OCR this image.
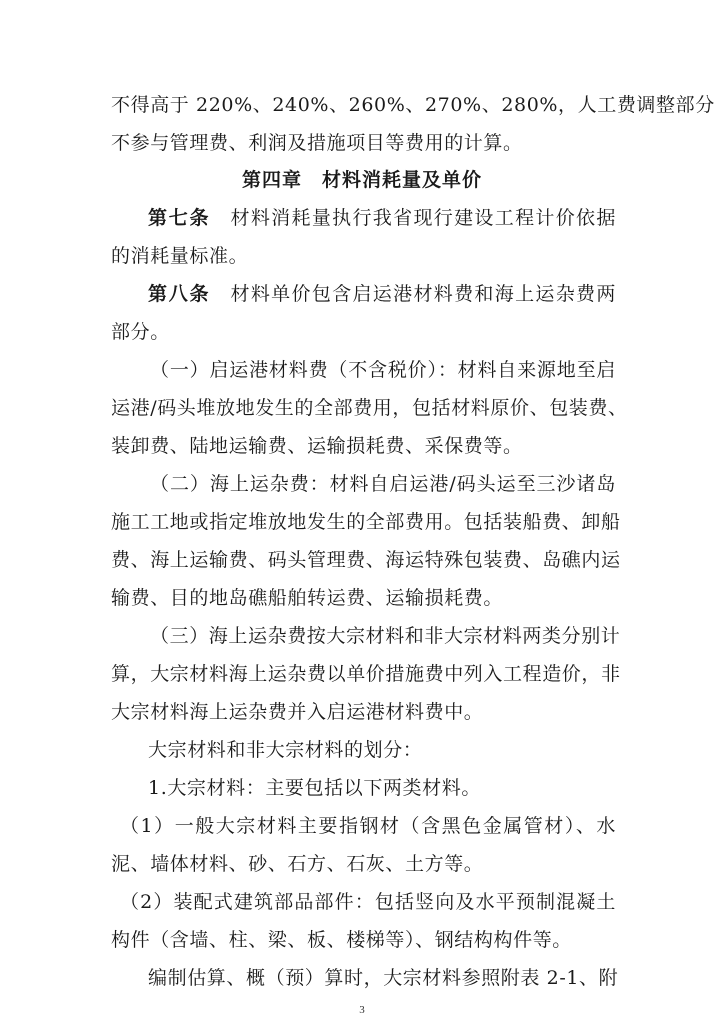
不得高于 220%、240%、260%、270%、280%，人工费调整部分
不参与管理费、利润及措施项目等费用的计算。
第四章　材料消耗量及单价
第七条　材料消耗量执行我省现行建设工程计价依据
的消耗量标准。
第八条　材料单价包含启运港材料费和海上运杂费两
部分。
（一）启运港材料费（不含税价）：材料自来源地至启
运港/码头堆放地发生的全部费用，包括材料原价、包装费、
装卸费、陆地运输费、运输损耗费、采保费等。
（二）海上运杂费：材料自启运港/码头运至三沙诸岛
施工工地或指定堆放地发生的全部费用。包括装船费、卸船
费、海上运输费、码头管理费、海运特殊包装费、岛礁内运
输费、目的地岛礁船舶转运费、运输损耗费。
（三）海上运杂费按大宗材料和非大宗材料两类分别计
算，大宗材料海上运杂费以单价措施费中列入工程造价，非
大宗材料海上运杂费并入启运港材料费中。
大宗材料和非大宗材料的划分：
1.大宗材料：主要包括以下两类材料。
（1）一般大宗材料主要指钢材（含黑色金属管材）、水
泥、墙体材料、砂、石方、石灰、土方等。
（2）装配式建筑部品部件：包括竖向及水平预制混凝土
构件（含墙、柱、梁、板、楼梯等）、钢结构构件等。
编制估算、概（预）算时，大宗材料参照附表 2-1、附
3
